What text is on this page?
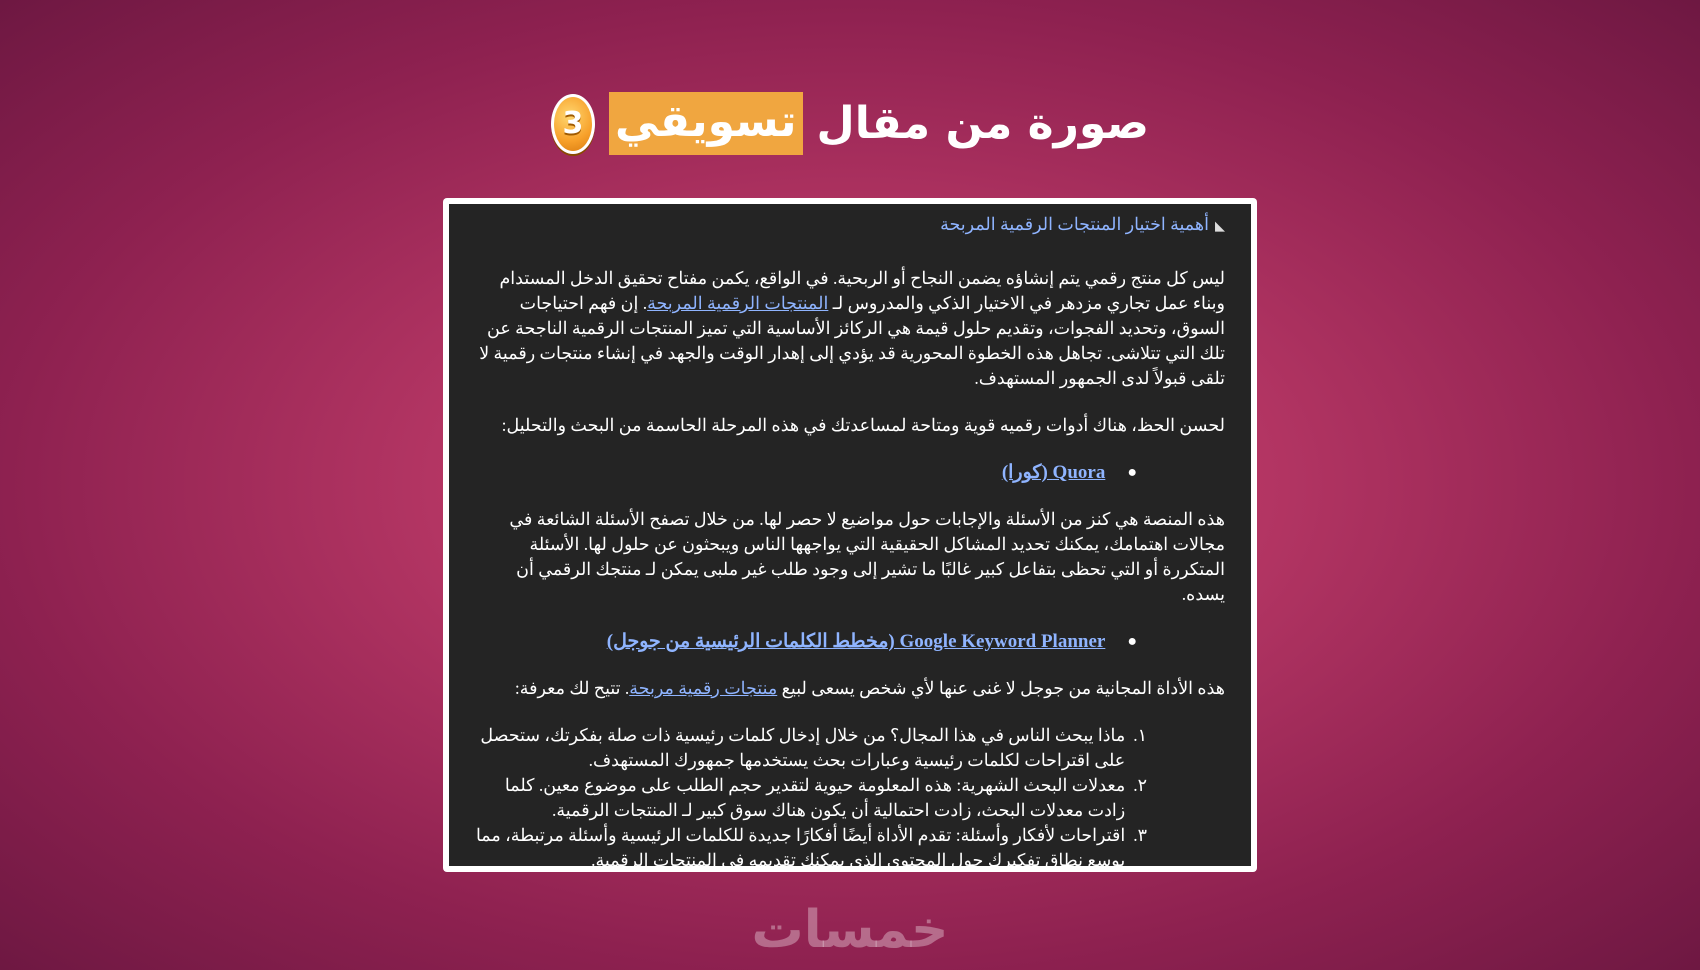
صورة من مقال
تسويقي
3
◣أهمية اختيار المنتجات الرقمية المربحة

ليس كل منتج رقمي يتم إنشاؤه يضمن النجاح أو الربحية. في الواقع، يكمن مفتاح تحقيق الدخل المستدام وبناء عمل تجاري مزدهر في الاختيار الذكي والمدروس لـ المنتجات الرقمية المربحة. إن فهم احتياجات السوق، وتحديد الفجوات، وتقديم حلول قيمة هي الركائز الأساسية التي تميز المنتجات الرقمية الناجحة عن تلك التي تتلاشى. تجاهل هذه الخطوة المحورية قد يؤدي إلى إهدار الوقت والجهد في إنشاء منتجات رقمية لا تلقى قبولاً لدى الجمهور المستهدف.

لحسن الحظ، هناك أدوات رقميه قوية ومتاحة لمساعدتك في هذه المرحلة الحاسمة من البحث والتحليل:

●
Quora (كورا)

هذه المنصة هي كنز من الأسئلة والإجابات حول مواضيع لا حصر لها. من خلال تصفح الأسئلة الشائعة في مجالات اهتمامك، يمكنك تحديد المشاكل الحقيقية التي يواجهها الناس ويبحثون عن حلول لها. الأسئلة المتكررة أو التي تحظى بتفاعل كبير غالبًا ما تشير إلى وجود طلب غير ملبى يمكن لـ منتجك الرقمي أن يسده.

●
Google Keyword Planner (مخطط الكلمات الرئيسية من جوجل)

هذه الأداة المجانية من جوجل لا غنى عنها لأي شخص يسعى لبيع منتجات رقمية مربحة. تتيح لك معرفة:

١.
ماذا يبحث الناس في هذا المجال؟ من خلال إدخال كلمات رئيسية ذات صلة بفكرتك، ستحصل على اقتراحات لكلمات رئيسية وعبارات بحث يستخدمها جمهورك المستهدف.
٢.
معدلات البحث الشهرية: هذه المعلومة حيوية لتقدير حجم الطلب على موضوع معين. كلما زادت معدلات البحث، زادت احتمالية أن يكون هناك سوق كبير لـ المنتجات الرقمية.
٣.
اقتراحات لأفكار وأسئلة: تقدم الأداة أيضًا أفكارًا جديدة للكلمات الرئيسية وأسئلة مرتبطة، مما يوسع نطاق تفكيرك حول المحتوى الذي يمكنك تقديمه في المنتجات الرقمية.
خمسات
